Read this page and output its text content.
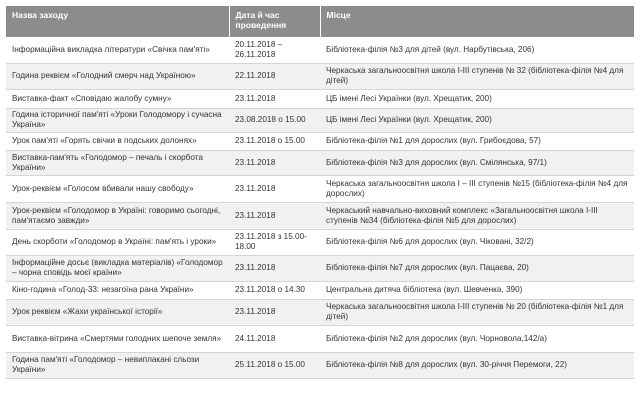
Назва заходу	Дата й час проведення	Місце
Інформаційна викладка літератури «Свічка пам'яті»	20.11.2018 – 26.11.2018	Бібліотека-філія №3 для дітей (вул. Нарбутівська, 206)
Година реквієм «Голодний смерч над Україною»	22.11.2018	Черкаська загальноосвітня школа І-ІІІ ступенів № 32 (бібліотека-філія №4 для дітей)
Виставка-факт «Сповідаю жалобу сумну»	23.11.2018	ЦБ імені Лесі Українки (вул. Хрещатик, 200)
Година історичної пам'яті «Уроки Голодомору і сучасна Україна»	23.08.2018 о 15.00	ЦБ імені Лесі Українки (вул. Хрещатик, 200)
Урок пам'яті «Горять свічки в подських долонях»	23.11.2018 о 15.00	Бібліотека-філія №1 для дорослих (вул. Грибоєдова, 57)
Виставка-пам'ять «Голодомор – печаль і скорбота України»	23.11.2018	Бібліотека-філія №3 для дорослих (вул. Смілянська, 97/1)
Урок-реквієм «Голосом вбивали нашу свободу»	23.11.2018	Черкаська загальноосвітня школа І – ІІІ ступенів №15 (бібліотека-філія №4 для дорослих)
Урок-реквієм «Голодомор в Україні: говоримо сьогодні, пам'ятаємо завжди»	23.11.2018	Черкаський навчально-виховний комплекс «Загальноосвітня школа І-ІІІ ступенів №34 (бібліотека-філія №5 для дорослих)
День скорботи «Голодомор в Україні: пам'ять і уроки»	23.11.2018 з 15.00-18.00	Бібліотека-філія №6 для дорослих (вул. Чіковані, 32/2)
Інформаційне досьє (викладка матеріалів) «Голодомор – чорна сповідь моєї країни»	23.11.2018	Бібліотека-філія №7 для дорослих (вул. Пацаєва, 20)
Кіно-година «Голод-33: незагоїна рана України»	23.11.2018 о 14.30	Центральна дитяча бібліотека (вул. Шевченка, 390)
Урок реквієм «Жахи української історії»	23.11.2018	Черкаська загальноосвітня школа І-ІІІ ступенів № 20 (бібліотека-філія №1 для дітей)
Виставка-вітрина «Смертями голодних шепоче земля»	24.11.2018	Бібліотека-філія №2 для дорослих (вул. Чорновола,142/а)
Година пам'яті «Голодомор – невиплакані сльози України»	25.11.2018 о 15.00	Бібліотека-філія №8 для дорослих (вул. 30-річчя Перемоги, 22)
